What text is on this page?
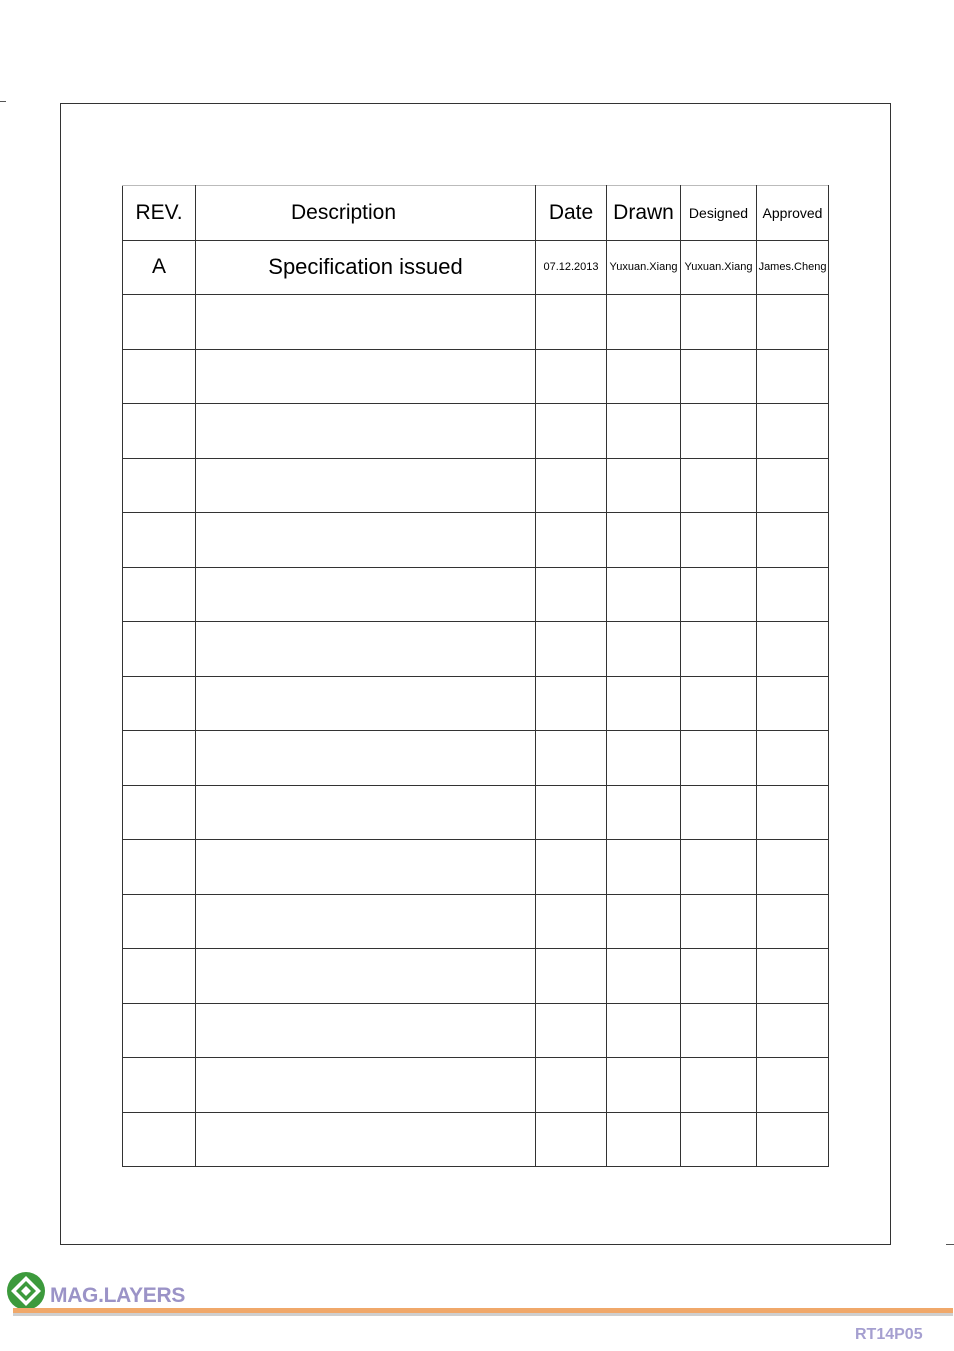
REV.	Description	Date	Drawn	Designed	Approved
A	Specification issued	07.12.2013	Yuxuan.Xiang	Yuxuan.Xiang	James.Cheng

MAG.LAYERS
RT14P05
